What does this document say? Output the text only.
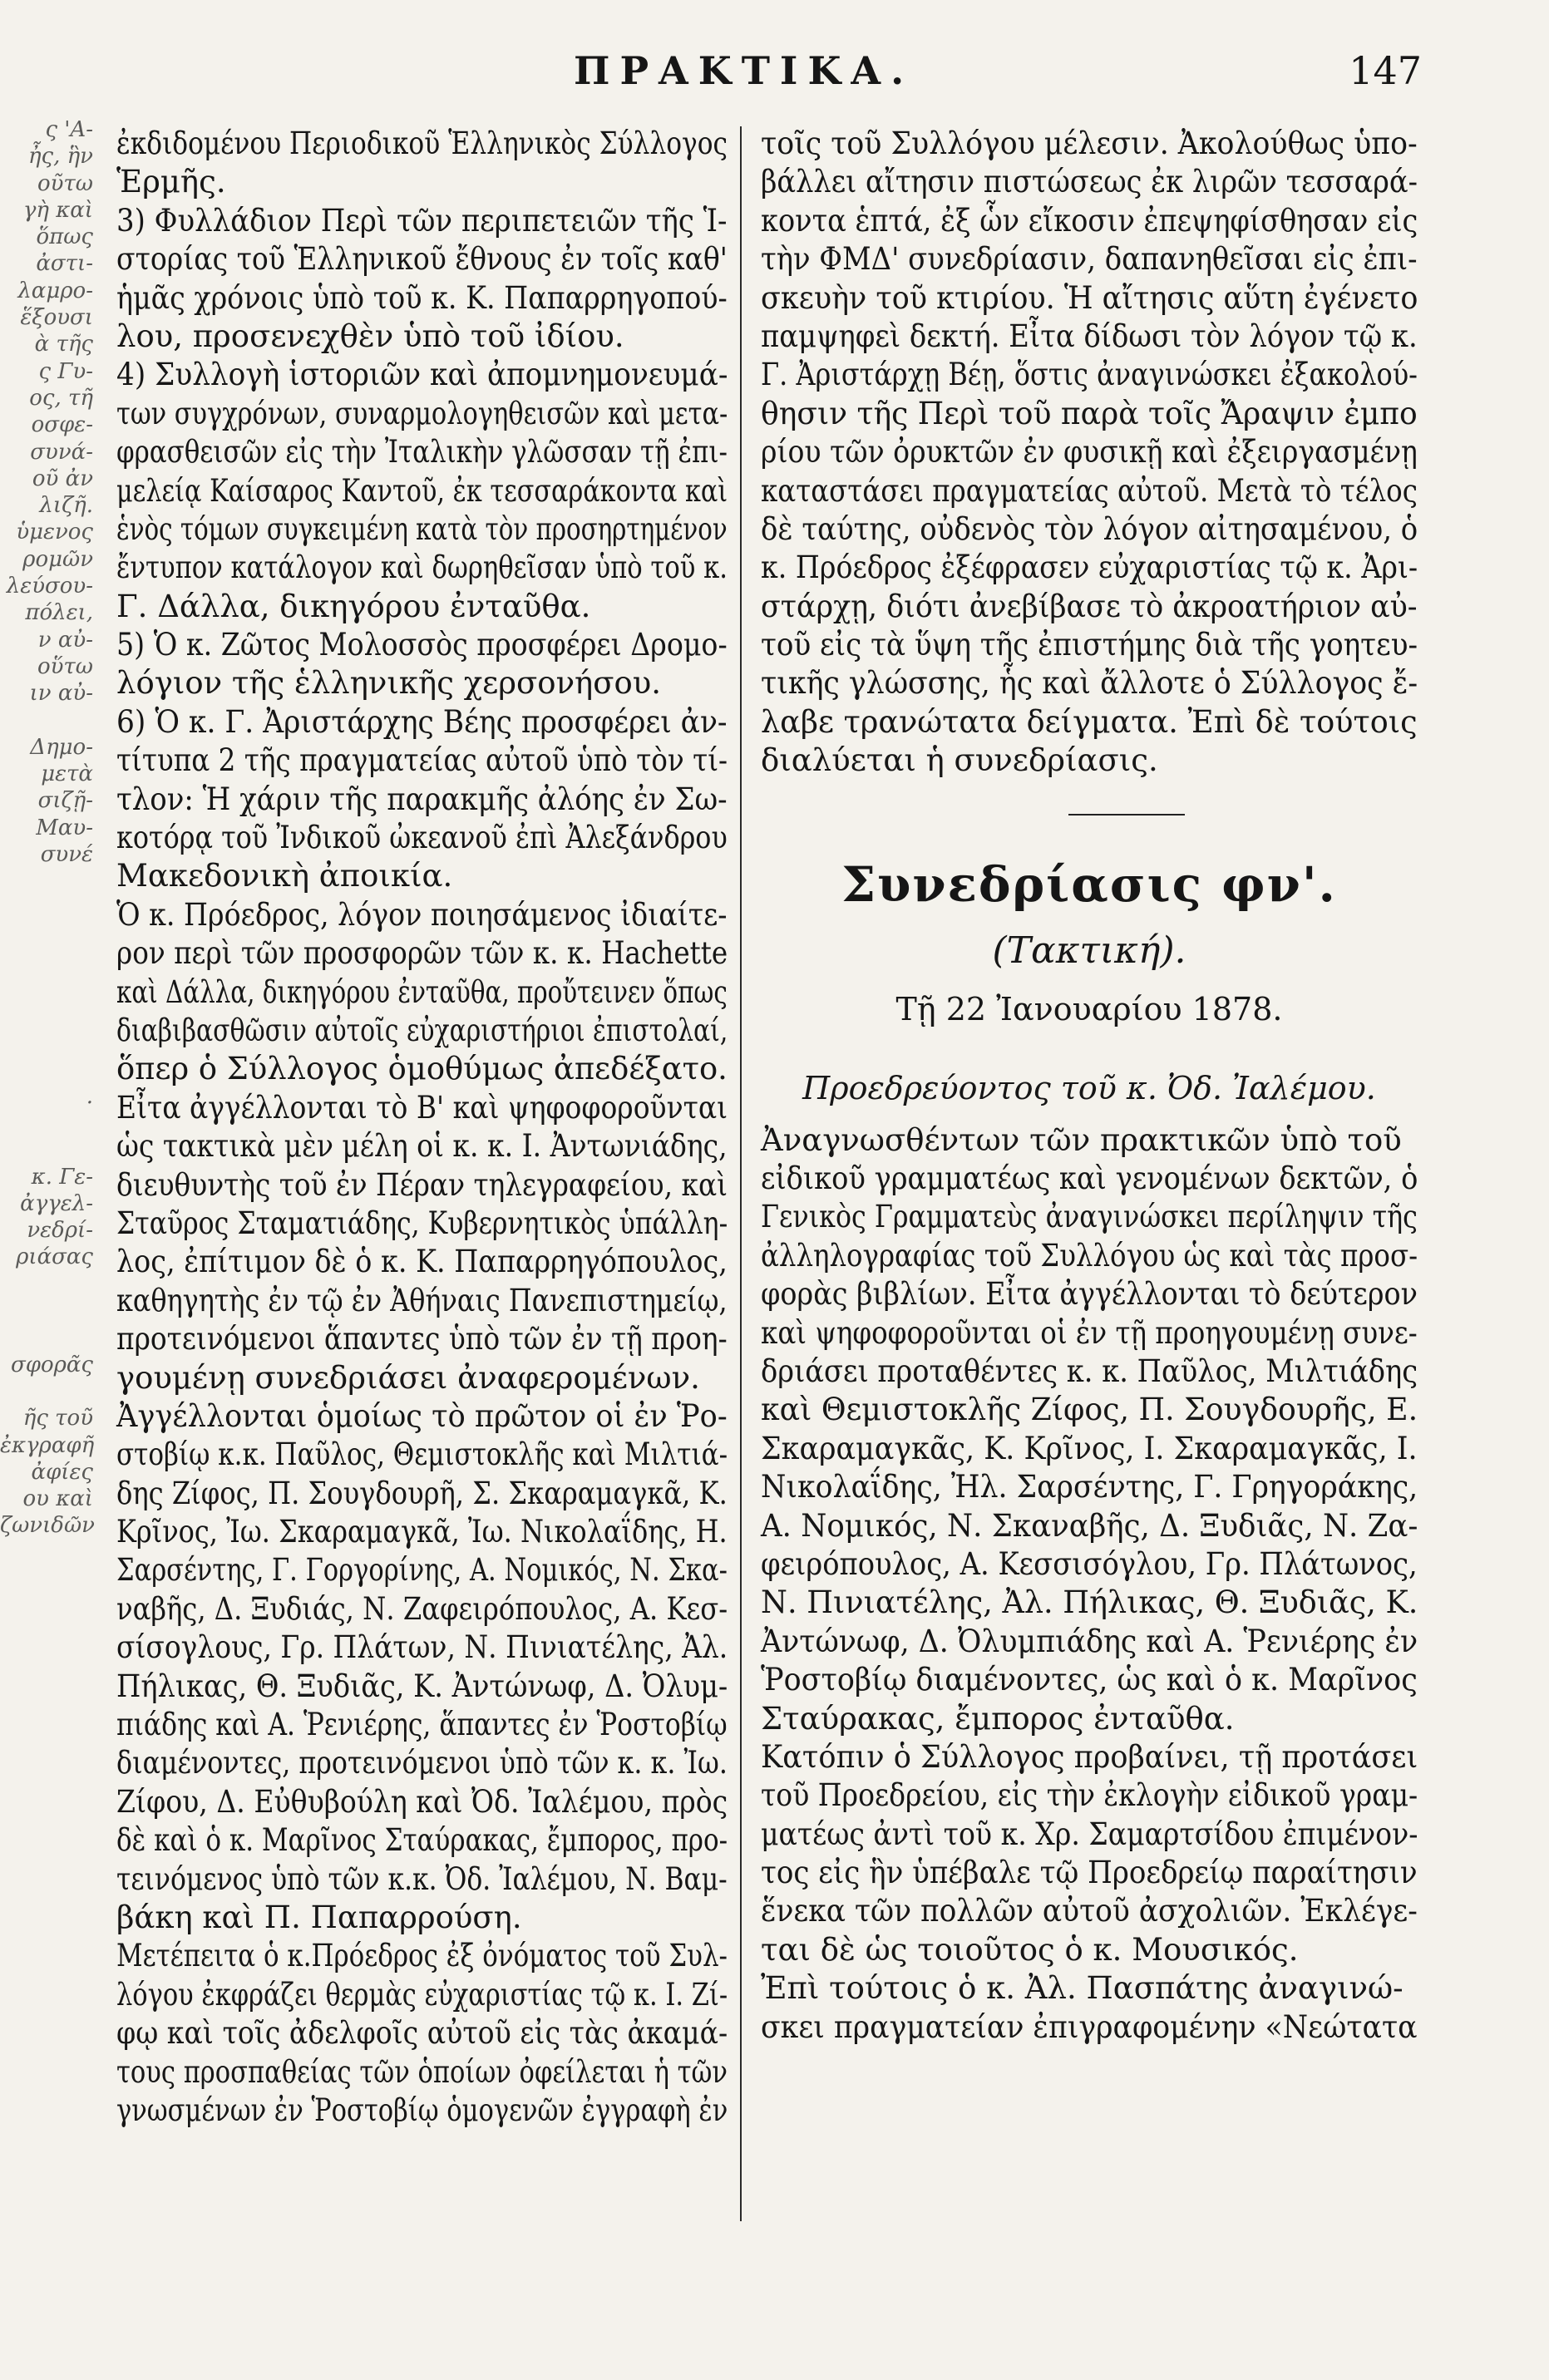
ς 'Α-
ἦς, ἣν
οῦτω
γὴ καὶ
ὅπως
ἀστι-
λαμρο-
ἕξουσι
ὰ τῆς
ς Γυ-
ος, τῆ
οσφε-
συνά-
οῦ ἀν
λιζῆ.
ὑμενος
ρομῶν
λεύσου-
πόλει,
ν αὐ-
οὕτω
ιν αὐ-
Δημο-
μετὰ
σιζῇ-
Μαυ-
συνέ
.
κ. Γε-
ἀγγελ-
νεδρί-
ριάσας
σφορᾶς
ῆς τοῦ
ἐκγραφῆ
ἀφίες
ου καὶ
ζωνιδῶν
ΠΡΑΚΤΙΚΑ.	147
ἐκδιδομένου Περιοδικοῦ Ἑλληνικὸς Σύλλογος
Ἑρμῆς.
3) Φυλλάδιον Περὶ τῶν περιπετειῶν τῆς Ἱ-
στορίας τοῦ Ἑλληνικοῦ ἔθνους ἐν τοῖς καθ'
ἡμᾶς χρόνοις ὑπὸ τοῦ κ. Κ. Παπαρρηγοπού-
λου, προσενεχθὲν ὑπὸ τοῦ ἰδίου.
4) Συλλογὴ ἱστοριῶν καὶ ἀπομνημονευμά-
των συγχρόνων, συναρμολογηθεισῶν καὶ μετα-
φρασθεισῶν εἰς τὴν Ἰταλικὴν γλῶσσαν τῇ ἐπι-
μελείᾳ Καίσαρος Καντοῦ, ἐκ τεσσαράκοντα καὶ
ἑνὸς τόμων συγκειμένη κατὰ τὸν προσηρτημένον
ἔντυπον κατάλογον καὶ δωρηθεῖσαν ὑπὸ τοῦ κ.
Γ. Δάλλα, δικηγόρου ἐνταῦθα.
5) Ὁ κ. Ζῶτος Μολοσσὸς προσφέρει Δρομο-
λόγιον τῆς ἑλληνικῆς χερσονήσου.
6) Ὁ κ. Γ. Ἀριστάρχης Βέης προσφέρει ἀν-
τίτυπα 2 τῆς πραγματείας αὐτοῦ ὑπὸ τὸν τί-
τλον: Ἡ χάριν τῆς παρακμῆς ἀλόης ἐν Σω-
κοτόρᾳ τοῦ Ἰνδικοῦ ὠκεανοῦ ἐπὶ Ἀλεξάνδρου
Μακεδονικὴ ἀποικία.
Ὁ κ. Πρόεδρος, λόγον ποιησάμενος ἰδιαίτε-
ρον περὶ τῶν προσφορῶν τῶν κ. κ. Hachette
καὶ Δάλλα, δικηγόρου ἐνταῦθα, προὔτεινεν ὅπως
διαβιβασθῶσιν αὐτοῖς εὐχαριστήριοι ἐπιστολαί,
ὅπερ ὁ Σύλλογος ὁμοθύμως ἀπεδέξατο.
Εἶτα ἀγγέλλονται τὸ Β' καὶ ψηφοφοροῦνται
ὡς τακτικὰ μὲν μέλη οἱ κ. κ. Ι. Ἀντωνιάδης,
διευθυντὴς τοῦ ἐν Πέραν τηλεγραφείου, καὶ
Σταῦρος Σταματιάδης, Κυβερνητικὸς ὑπάλλη-
λος, ἐπίτιμον δὲ ὁ κ. Κ. Παπαρρηγόπουλος,
καθηγητὴς ἐν τῷ ἐν Ἀθήναις Πανεπιστημείῳ,
προτεινόμενοι ἅπαντες ὑπὸ τῶν ἐν τῇ προη-
γουμένῃ συνεδριάσει ἀναφερομένων.
Ἀγγέλλονται ὁμοίως τὸ πρῶτον οἱ ἐν Ῥο-
στοβίῳ κ.κ. Παῦλος, Θεμιστοκλῆς καὶ Μιλτιά-
δης Ζίφος, Π. Σουγδουρῆ, Σ. Σκαραμαγκᾶ, Κ.
Κρῖνος, Ἰω. Σκαραμαγκᾶ, Ἰω. Νικολαΐδης, Η.
Σαρσέντης, Γ. Γοργορίνης, Α. Νομικός, Ν. Σκα-
ναβῆς, Δ. Ξυδιάς, Ν. Ζαφειρόπουλος, Α. Κεσ-
σίσογλους, Γρ. Πλάτων, Ν. Πινιατέλης, Ἀλ.
Πήλικας, Θ. Ξυδιᾶς, Κ. Ἀντώνωφ, Δ. Ὀλυμ-
πιάδης καὶ Α. Ῥενιέρης, ἅπαντες ἐν Ῥοστοβίῳ
διαμένοντες, προτεινόμενοι ὑπὸ τῶν κ. κ. Ἰω.
Ζίφου, Δ. Εὐθυβούλη καὶ Ὀδ. Ἰαλέμου, πρὸς
δὲ καὶ ὁ κ. Μαρῖνος Σταύρακας, ἔμπορος, προ-
τεινόμενος ὑπὸ τῶν κ.κ. Ὀδ. Ἰαλέμου, Ν. Βαμ-
βάκη καὶ Π. Παπαρρούση.
Μετέπειτα ὁ κ.Πρόεδρος ἐξ ὀνόματος τοῦ Συλ-
λόγου ἐκφράζει θερμὰς εὐχαριστίας τῷ κ. Ι. Ζί-
φῳ καὶ τοῖς ἀδελφοῖς αὐτοῦ εἰς τὰς ἀκαμά-
τους προσπαθείας τῶν ὁποίων ὀφείλεται ἡ τῶν
γνωσμένων ἐν Ῥοστοβίῳ ὁμογενῶν ἐγγραφὴ ἐν
τοῖς τοῦ Συλλόγου μέλεσιν. Ἀκολούθως ὑπο-
βάλλει αἴτησιν πιστώσεως ἐκ λιρῶν τεσσαρά-
κοντα ἑπτά, ἐξ ὧν εἴκοσιν ἐπεψηφίσθησαν εἰς
τὴν ΦΜΔ' συνεδρίασιν, δαπανηθεῖσαι εἰς ἐπι-
σκευὴν τοῦ κτιρίου. Ἡ αἴτησις αὕτη ἐγένετο
παμψηφεὶ δεκτή. Εἶτα δίδωσι τὸν λόγον τῷ κ.
Γ. Ἀριστάρχῃ Βέῃ, ὅστις ἀναγινώσκει ἐξακολού-
θησιν τῆς Περὶ τοῦ παρὰ τοῖς Ἄραψιν ἐμπο
ρίου τῶν ὀρυκτῶν ἐν φυσικῇ καὶ ἐξειργασμένῃ
καταστάσει πραγματείας αὐτοῦ. Μετὰ τὸ τέλος
δὲ ταύτης, οὐδενὸς τὸν λόγον αἰτησαμένου, ὁ
κ. Πρόεδρος ἐξέφρασεν εὐχαριστίας τῷ κ. Ἀρι-
στάρχῃ, διότι ἀνεβίβασε τὸ ἀκροατήριον αὐ-
τοῦ εἰς τὰ ὕψη τῆς ἐπιστήμης διὰ τῆς γοητευ-
τικῆς γλώσσης, ἧς καὶ ἄλλοτε ὁ Σύλλογος ἔ-
λαβε τρανώτατα δείγματα. Ἐπὶ δὲ τούτοις
διαλύεται ἡ συνεδρίασις.
Συνεδρίασις φν'.
(Τακτική).
Τῇ 22 Ἰανουαρίου 1878.
Προεδρεύοντος τοῦ κ. Ὀδ. Ἰαλέμου.
Ἀναγνωσθέντων τῶν πρακτικῶν ὑπὸ τοῦ
εἰδικοῦ γραμματέως καὶ γενομένων δεκτῶν, ὁ
Γενικὸς Γραμματεὺς ἀναγινώσκει περίληψιν τῆς
ἀλληλογραφίας τοῦ Συλλόγου ὡς καὶ τὰς προσ-
φορὰς βιβλίων. Εἶτα ἀγγέλλονται τὸ δεύτερον
καὶ ψηφοφοροῦνται οἱ ἐν τῇ προηγουμένῃ συνε-
δριάσει προταθέντες κ. κ. Παῦλος, Μιλτιάδης
καὶ Θεμιστοκλῆς Ζίφος, Π. Σουγδουρῆς, Ε.
Σκαραμαγκᾶς, Κ. Κρῖνος, Ι. Σκαραμαγκᾶς, Ι.
Νικολαΐδης, Ἠλ. Σαρσέντης, Γ. Γρηγοράκης,
Α. Νομικός, Ν. Σκαναβῆς, Δ. Ξυδιᾶς, Ν. Ζα-
φειρόπουλος, Α. Κεσσισόγλου, Γρ. Πλάτωνος,
Ν. Πινιατέλης, Ἀλ. Πήλικας, Θ. Ξυδιᾶς, Κ.
Ἀντώνωφ, Δ. Ὀλυμπιάδης καὶ Α. Ῥενιέρης ἐν
Ῥοστοβίῳ διαμένοντες, ὡς καὶ ὁ κ. Μαρῖνος
Σταύρακας, ἔμπορος ἐνταῦθα.
Κατόπιν ὁ Σύλλογος προβαίνει, τῇ προτάσει
τοῦ Προεδρείου, εἰς τὴν ἐκλογὴν εἰδικοῦ γραμ-
ματέως ἀντὶ τοῦ κ. Χρ. Σαμαρτσίδου ἐπιμένον-
τος εἰς ἣν ὑπέβαλε τῷ Προεδρείῳ παραίτησιν
ἕνεκα τῶν πολλῶν αὐτοῦ ἀσχολιῶν. Ἐκλέγε-
ται δὲ ὡς τοιοῦτος ὁ κ. Μουσικός.
Ἐπὶ τούτοις ὁ κ. Ἀλ. Πασπάτης ἀναγινώ-
σκει πραγματείαν ἐπιγραφομένην «Νεώτατα
